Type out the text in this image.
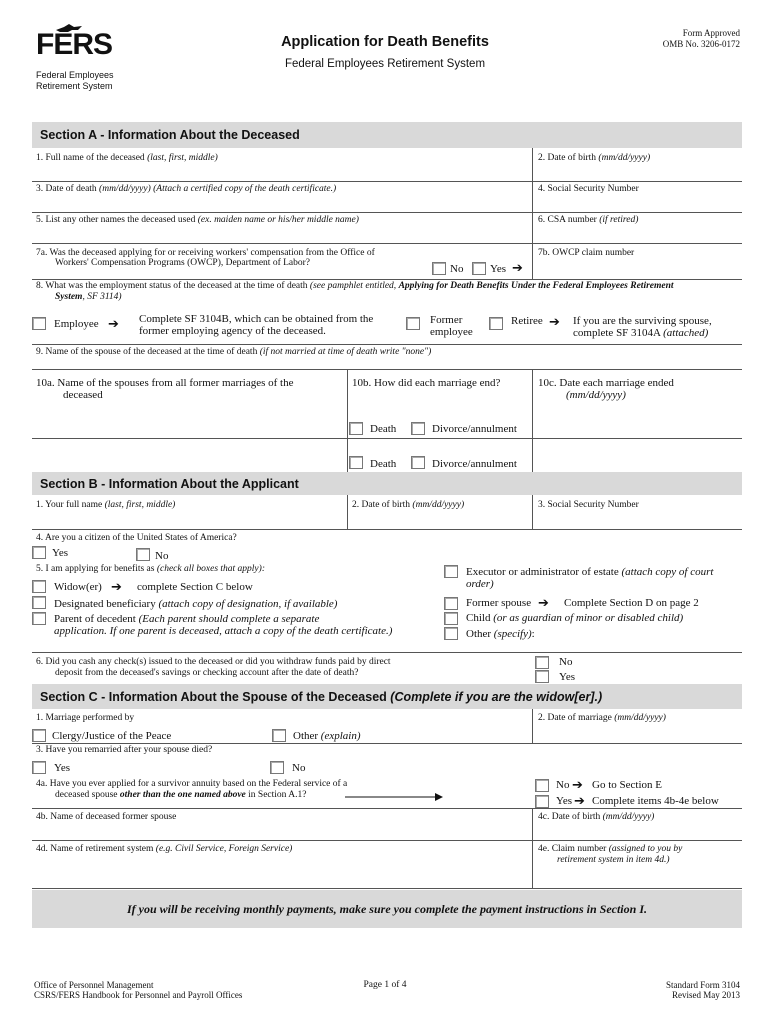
FERS
Federal Employees
Retirement System
Application for Death Benefits
Federal Employees Retirement System
Form Approved
OMB No. 3206-0172
Section A - Information About the Deceased
1. Full name of the deceased (last, first, middle)	2. Date of birth (mm/dd/yyyy)
3. Date of death (mm/dd/yyyy) (Attach a certified copy of the death certificate.)	4. Social Security Number
5. List any other names the deceased used (ex. maiden name or his/her middle name)	6. CSA number (if retired)
7a. Was the deceased applying for or receiving workers' compensation from the Office of
Workers' Compensation Programs (OWCP), Department of Labor?	No Yes ➔
7b. OWCP claim number
8. What was the employment status of the deceased at the time of death (see pamphlet entitled, Applying for Death Benefits Under the Federal Employees Retirement
System, SF 3114)
Employee ➔ Complete SF 3104B, which can be obtained from the
former employing agency of the deceased.
Former
employee
Retiree ➔ If you are the surviving spouse,
complete SF 3104A (attached)
9. Name of the spouse of the deceased at the time of death (if not married at time of death write "none")
10a. Name of the spouses from all former marriages of the
deceased
10b. How did each marriage end?	10c. Date each marriage ended
(mm/dd/yyyy)
Death	Divorce/annulment
Death	Divorce/annulment
Section B - Information About the Applicant
1. Your full name (last, first, middle)	2. Date of birth (mm/dd/yyyy)	3. Social Security Number
4. Are you a citizen of the United States of America?
Yes	No
5. I am applying for benefits as (check all boxes that apply):
Widow(er) ➔ complete Section C below
Designated beneficiary (attach copy of designation, if available)
Parent of decedent (Each parent should complete a separate
application. If one parent is deceased, attach a copy of the death certificate.)
Executor or administrator of estate (attach copy of court
order)
Former spouse ➔ Complete Section D on page 2
Child (or as guardian of minor or disabled child)
Other (specify):
6. Did you cash any check(s) issued to the deceased or did you withdraw funds paid by direct
deposit from the deceased's savings or checking account after the date of death?
No
Yes
Section C - Information About the Spouse of the Deceased
(Complete if you are the widow[er].)
1. Marriage performed by
Clergy/Justice of the Peace	Other (explain)
2. Date of marriage (mm/dd/yyyy)
3. Have you remarried after your spouse died?
Yes	No
4a. Have you ever applied for a survivor annuity based on the Federal service of a
deceased spouse other than the one named above in Section A.1?
No ➔ Go to Section E
Yes ➔ Complete items 4b-4e below
4b. Name of deceased former spouse	4c. Date of birth (mm/dd/yyyy)
4d. Name of retirement system (e.g. Civil Service, Foreign Service)	4e. Claim number (assigned to you by
retirement system in item 4d.)
If you will be receiving monthly payments, make sure you complete the payment instructions in Section I.
Office of Personnel Management
CSRS/FERS Handbook for Personnel and Payroll Offices
Page 1 of 4	Standard Form 3104
Revised May 2013
